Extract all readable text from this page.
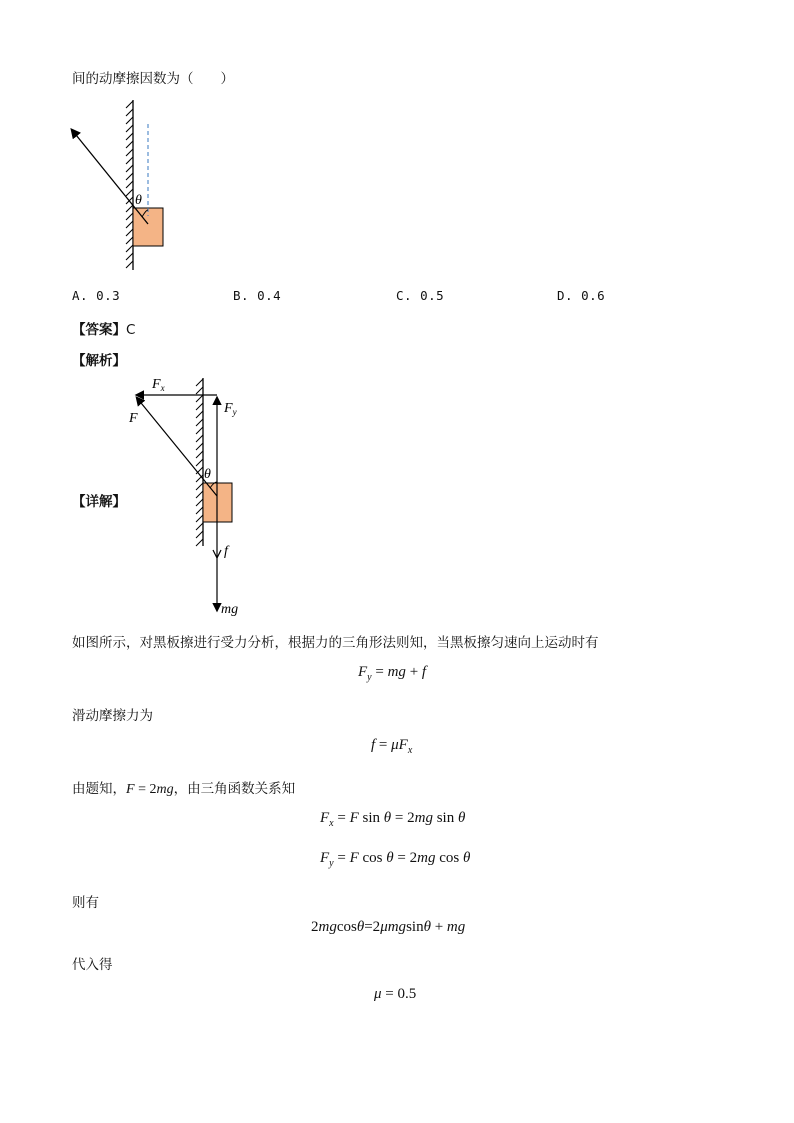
间的动摩擦因数为（　　）
θ
A. 0.3	B. 0.4	C. 0.5	D. 0.6
【答案】C
【解析】
【详解】
$F_x$
F
$F_y$
θ
f
mg
如图所示，对黑板擦进行受力分析，根据力的三角形法则知，当黑板擦匀速向上运动时有
$F_y$ = mg + f
滑动摩擦力为
$f = \mu F_x$
由题知，F = 2mg，由三角函数关系知
$F_x = F$ sin θ = 2mg sin θ
$F_y = F$ cos θ = 2mg cos θ
则有
2mgcosθ=2μmgsinθ + mg
代入得
μ = 0.5
